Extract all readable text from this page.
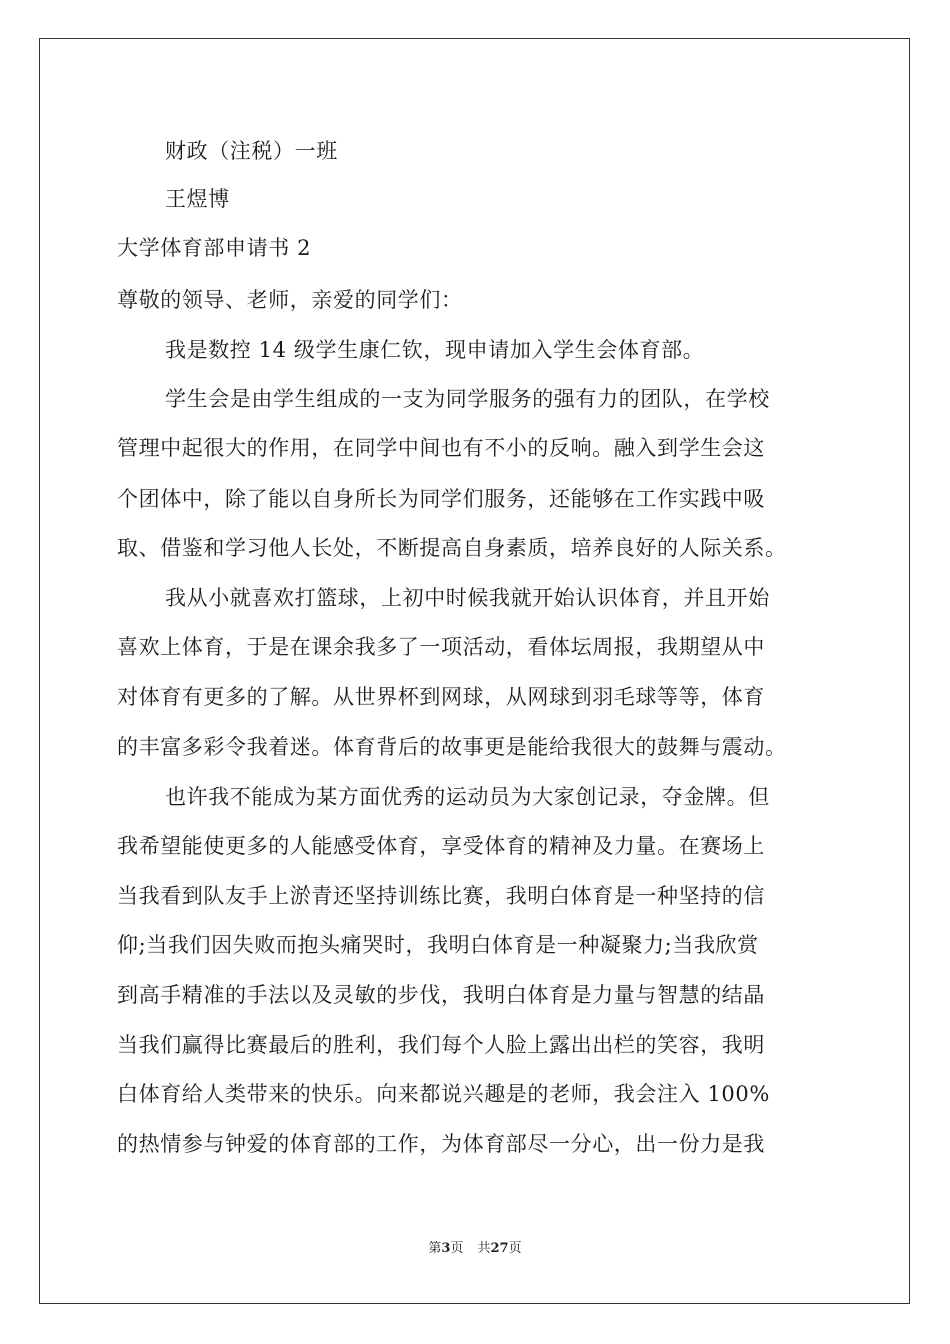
财政（注税）一班
王煜博
大学体育部申请书 2
尊敬的领导、老师，亲爱的同学们：
我是数控 14 级学生康仁钦，现申请加入学生会体育部。
学生会是由学生组成的一支为同学服务的强有力的团队，在学校
管理中起很大的作用，在同学中间也有不小的反响。融入到学生会这
个团体中，除了能以自身所长为同学们服务，还能够在工作实践中吸
取、借鉴和学习他人长处，不断提高自身素质，培养良好的人际关系。
我从小就喜欢打篮球，上初中时候我就开始认识体育，并且开始
喜欢上体育，于是在课余我多了一项活动，看体坛周报，我期望从中
对体育有更多的了解。从世界杯到网球，从网球到羽毛球等等，体育
的丰富多彩令我着迷。体育背后的故事更是能给我很大的鼓舞与震动。
也许我不能成为某方面优秀的运动员为大家创记录，夺金牌。但
我希望能使更多的人能感受体育，享受体育的精神及力量。在赛场上
当我看到队友手上淤青还坚持训练比赛，我明白体育是一种坚持的信
仰;当我们因失败而抱头痛哭时，我明白体育是一种凝聚力;当我欣赏
到高手精准的手法以及灵敏的步伐，我明白体育是力量与智慧的结晶
当我们赢得比赛最后的胜利，我们每个人脸上露出出栏的笑容，我明
白体育给人类带来的快乐。向来都说兴趣是的老师，我会注入 100%
的热情参与钟爱的体育部的工作，为体育部尽一分心，出一份力是我
第3页 共27页
